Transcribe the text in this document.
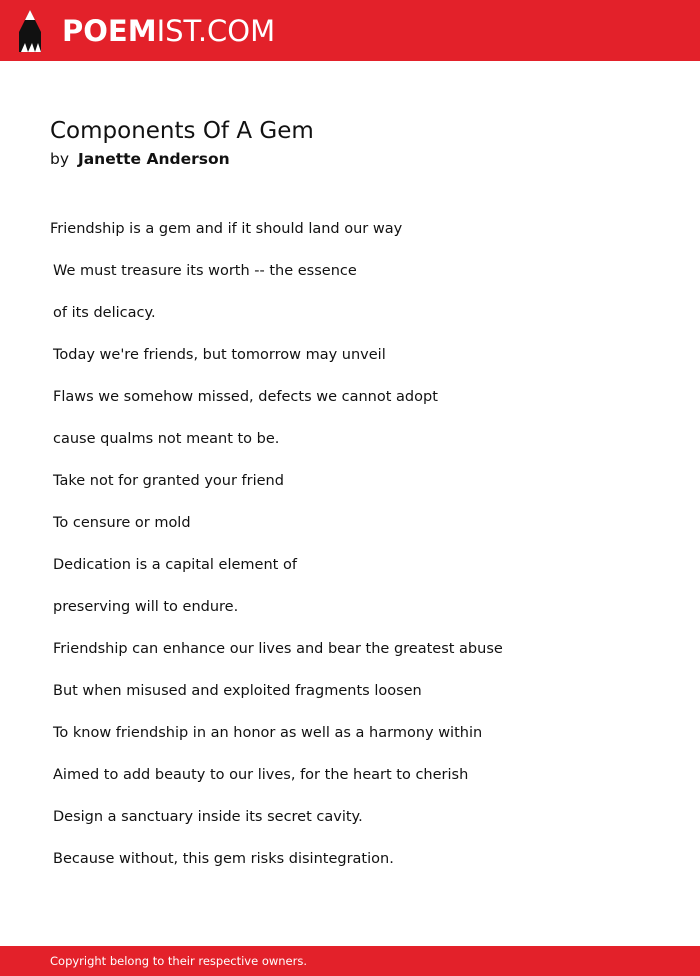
POEMIST.COM
Components Of A Gem
by Janette Anderson
Friendship is a gem and if it should land our way
We must treasure its worth -- the essence
of its delicacy.
Today we're friends, but tomorrow may unveil
Flaws we somehow missed, defects we cannot adopt
cause qualms not meant to be.
Take not for granted your friend
To censure or mold
Dedication is a capital element of
preserving will to endure.
Friendship can enhance our lives and bear the greatest abuse
But when misused and exploited fragments loosen
To know friendship in an honor as well as a harmony within
Aimed to add beauty to our lives, for the heart to cherish
Design a sanctuary inside its secret cavity.
Because without, this gem risks disintegration.
Copyright belong to their respective owners.
